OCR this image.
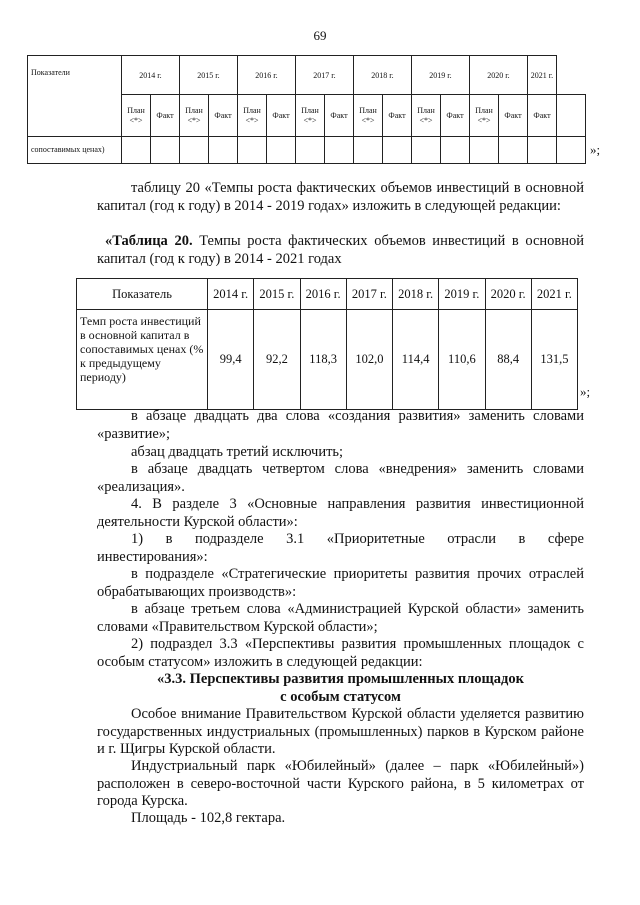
69
Показатели	2014 г.		2015 г.		2016 г.		2017 г.		2018 г.		2019 г.		2020 г.		2021 г.	
	План <*>	Факт	План <*>	Факт	План <*>	Факт	План <*>	Факт	План <*>	Факт	План <*>	Факт	План <*>	Факт	Факт	
сопоставимых ценах)																	»;
таблицу 20 «Темпы роста фактических объемов инвестиций в основной капитал (год к году) в 2014 - 2019 годах» изложить в следующей редакции:
«Таблица 20. Темпы роста фактических объемов инвестиций в основной капитал (год к году) в 2014 - 2021 годах
Показатель	2014 г.	2015 г.	2016 г.	2017 г.	2018 г.	2019 г.	2020 г.	2021 г.
Темп роста инвестиций в основной капитал в сопоставимых ценах (% к предыдущему периоду)	99,4	92,2	118,3	102,0	114,4	110,6	88,4	131,5
»;
в абзаце двадцать два слова «создания развития» заменить словами «развитие»;
абзац двадцать третий исключить;
в абзаце двадцать четвертом слова «внедрения» заменить словами «реализация».
4. В разделе 3 «Основные направления развития инвестиционной деятельности Курской области»:
1) в подразделе 3.1 «Приоритетные отрасли в сфере инвестирования»:
в подразделе «Стратегические приоритеты развития прочих отраслей обрабатывающих производств»:
в абзаце третьем слова «Администрацией Курской области» заменить словами «Правительством Курской области»;
2) подраздел 3.3 «Перспективы развития промышленных площадок с особым статусом» изложить в следующей редакции:
«3.3. Перспективы развития промышленных площадок
с особым статусом
Особое внимание Правительством Курской области уделяется развитию государственных индустриальных (промышленных) парков в Курском районе и г. Щигры Курской области.
Индустриальный парк «Юбилейный» (далее – парк «Юбилейный») расположен в северо-восточной части Курского района, в 5 километрах от города Курска.
Площадь - 102,8 гектара.
